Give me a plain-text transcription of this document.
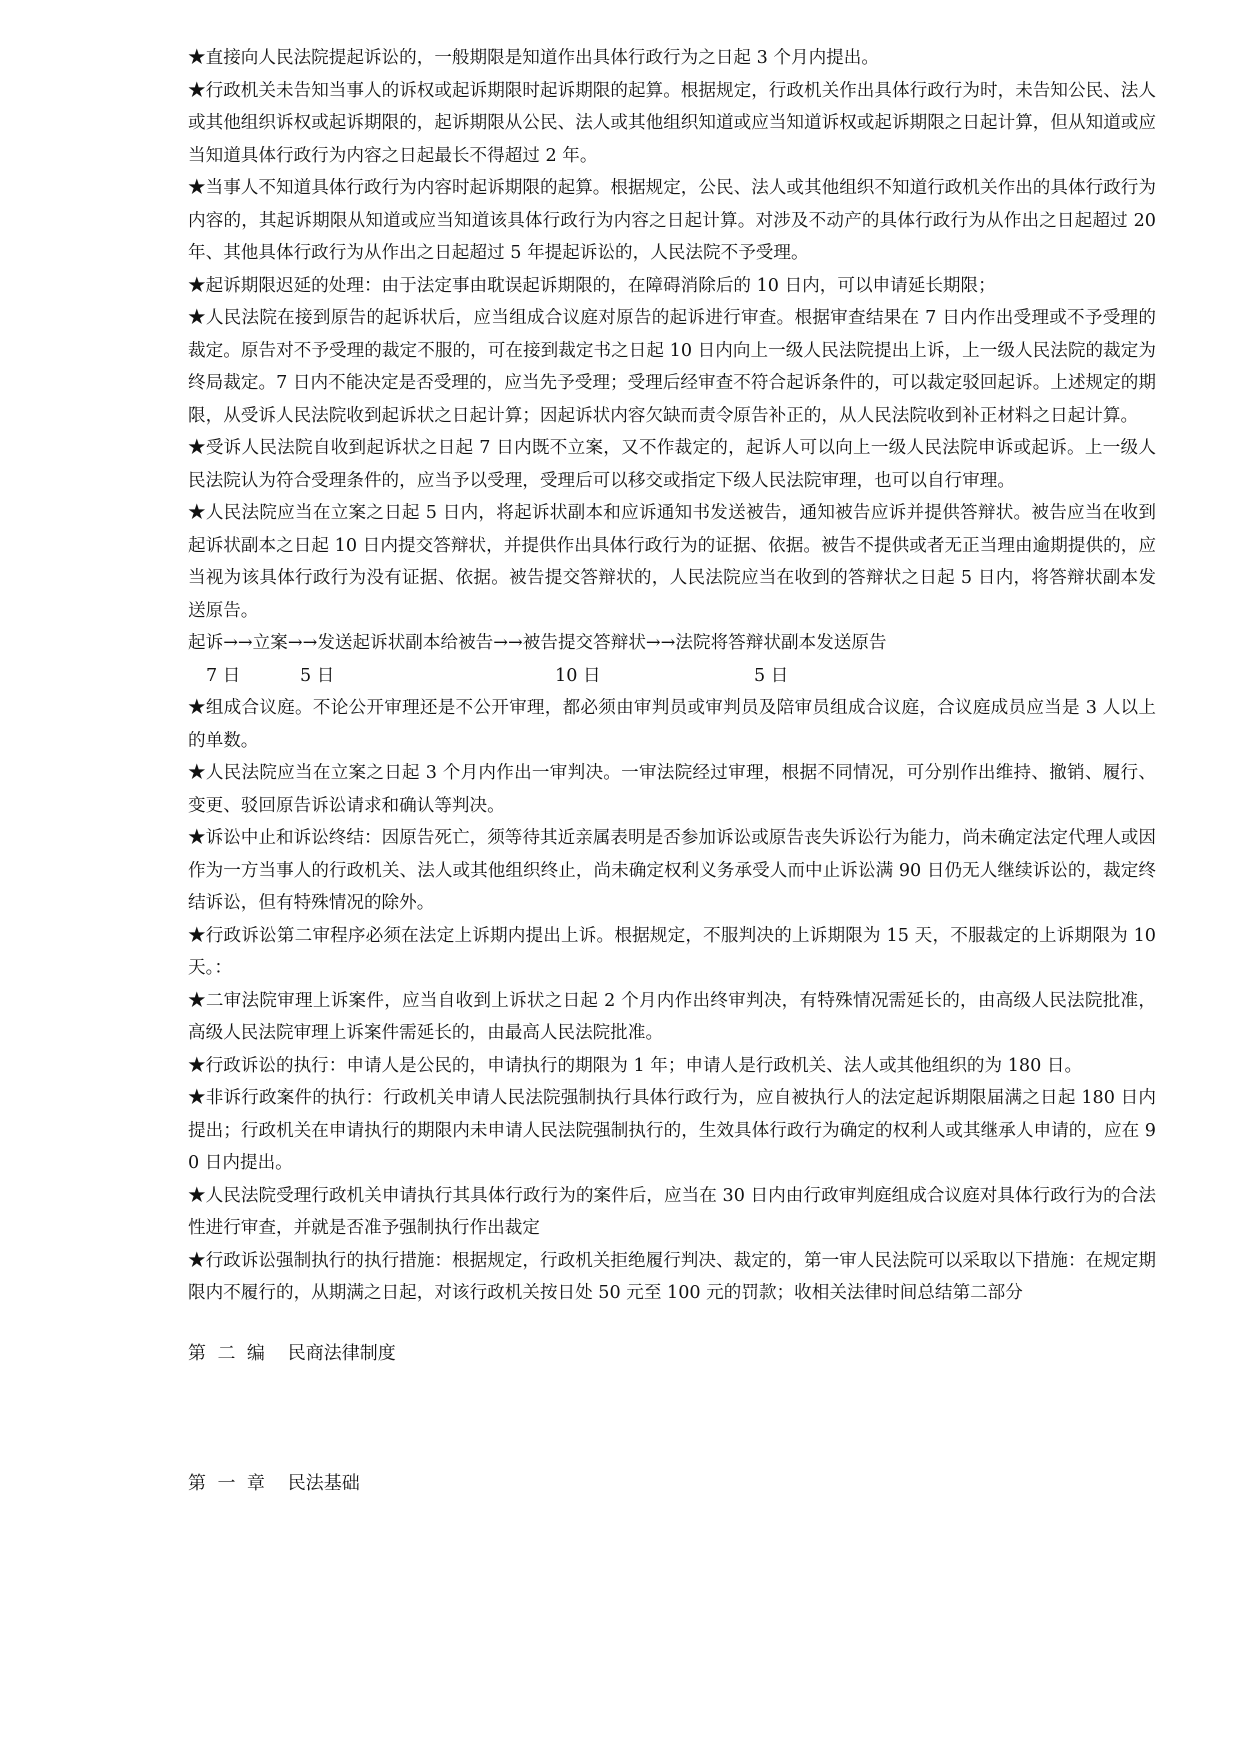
★直接向人民法院提起诉讼的，一般期限是知道作出具体行政行为之日起 3 个月内提出。

★行政机关未告知当事人的诉权或起诉期限时起诉期限的起算。根据规定，行政机关作出具体行政行为时，未告知公民、法人或其他组织诉权或起诉期限的，起诉期限从公民、法人或其他组织知道或应当知道诉权或起诉期限之日起计算，但从知道或应当知道具体行政行为内容之日起最长不得超过 2 年。

★当事人不知道具体行政行为内容时起诉期限的起算。根据规定，公民、法人或其他组织不知道行政机关作出的具体行政行为内容的，其起诉期限从知道或应当知道该具体行政行为内容之日起计算。对涉及不动产的具体行政行为从作出之日起超过 20 年、其他具体行政行为从作出之日起超过 5 年提起诉讼的，人民法院不予受理。

★起诉期限迟延的处理：由于法定事由耽误起诉期限的，在障碍消除后的 10 日内，可以申请延长期限；

★人民法院在接到原告的起诉状后，应当组成合议庭对原告的起诉进行审查。根据审查结果在 7 日内作出受理或不予受理的裁定。原告对不予受理的裁定不服的，可在接到裁定书之日起 10 日内向上一级人民法院提出上诉，上一级人民法院的裁定为终局裁定。7 日内不能决定是否受理的，应当先予受理；受理后经审查不符合起诉条件的，可以裁定驳回起诉。上述规定的期限，从受诉人民法院收到起诉状之日起计算；因起诉状内容欠缺而责令原告补正的，从人民法院收到补正材料之日起计算。

★受诉人民法院自收到起诉状之日起 7 日内既不立案，又不作裁定的，起诉人可以向上一级人民法院申诉或起诉。上一级人民法院认为符合受理条件的，应当予以受理，受理后可以移交或指定下级人民法院审理，也可以自行审理。

★人民法院应当在立案之日起 5 日内，将起诉状副本和应诉通知书发送被告，通知被告应诉并提供答辩状。被告应当在收到起诉状副本之日起 10 日内提交答辩状，并提供作出具体行政行为的证据、依据。被告不提供或者无正当理由逾期提供的，应当视为该具体行政行为没有证据、依据。被告提交答辩状的，人民法院应当在收到的答辩状之日起 5 日内，将答辩状副本发送原告。

起诉→→立案→→发送起诉状副本给被告→→被告提交答辩状→→法院将答辩状副本发送原告
7 日	5 日	10 日	5 日

★组成合议庭。不论公开审理还是不公开审理，都必须由审判员或审判员及陪审员组成合议庭，合议庭成员应当是 3 人以上的单数。

★人民法院应当在立案之日起 3 个月内作出一审判决。一审法院经过审理，根据不同情况，可分别作出维持、撤销、履行、变更、驳回原告诉讼请求和确认等判决。

★诉讼中止和诉讼终结：因原告死亡，须等待其近亲属表明是否参加诉讼或原告丧失诉讼行为能力，尚未确定法定代理人或因作为一方当事人的行政机关、法人或其他组织终止，尚未确定权利义务承受人而中止诉讼满 90 日仍无人继续诉讼的，裁定终结诉讼，但有特殊情况的除外。

★行政诉讼第二审程序必须在法定上诉期内提出上诉。根据规定，不服判决的上诉期限为 15 天，不服裁定的上诉期限为 10 天。：

★二审法院审理上诉案件，应当自收到上诉状之日起 2 个月内作出终审判决，有特殊情况需延长的，由高级人民法院批准，高级人民法院审理上诉案件需延长的，由最高人民法院批准。

★行政诉讼的执行：申请人是公民的，申请执行的期限为 1 年；申请人是行政机关、法人或其他组织的为 180 日。

★非诉行政案件的执行：行政机关申请人民法院强制执行具体行政行为，应自被执行人的法定起诉期限届满之日起 180 日内提出；行政机关在申请执行的期限内未申请人民法院强制执行的，生效具体行政行为确定的权利人或其继承人申请的，应在 90 日内提出。

★人民法院受理行政机关申请执行其具体行政行为的案件后，应当在 30 日内由行政审判庭组成合议庭对具体行政行为的合法性进行审查，并就是否准予强制执行作出裁定

★行政诉讼强制执行的执行措施：根据规定，行政机关拒绝履行判决、裁定的，第一审人民法院可以采取以下措施：在规定期限内不履行的，从期满之日起，对该行政机关按日处 50 元至 100 元的罚款；收相关法律时间总结第二部分

第  二  编    民商法律制度

第  一  章    民法基础
